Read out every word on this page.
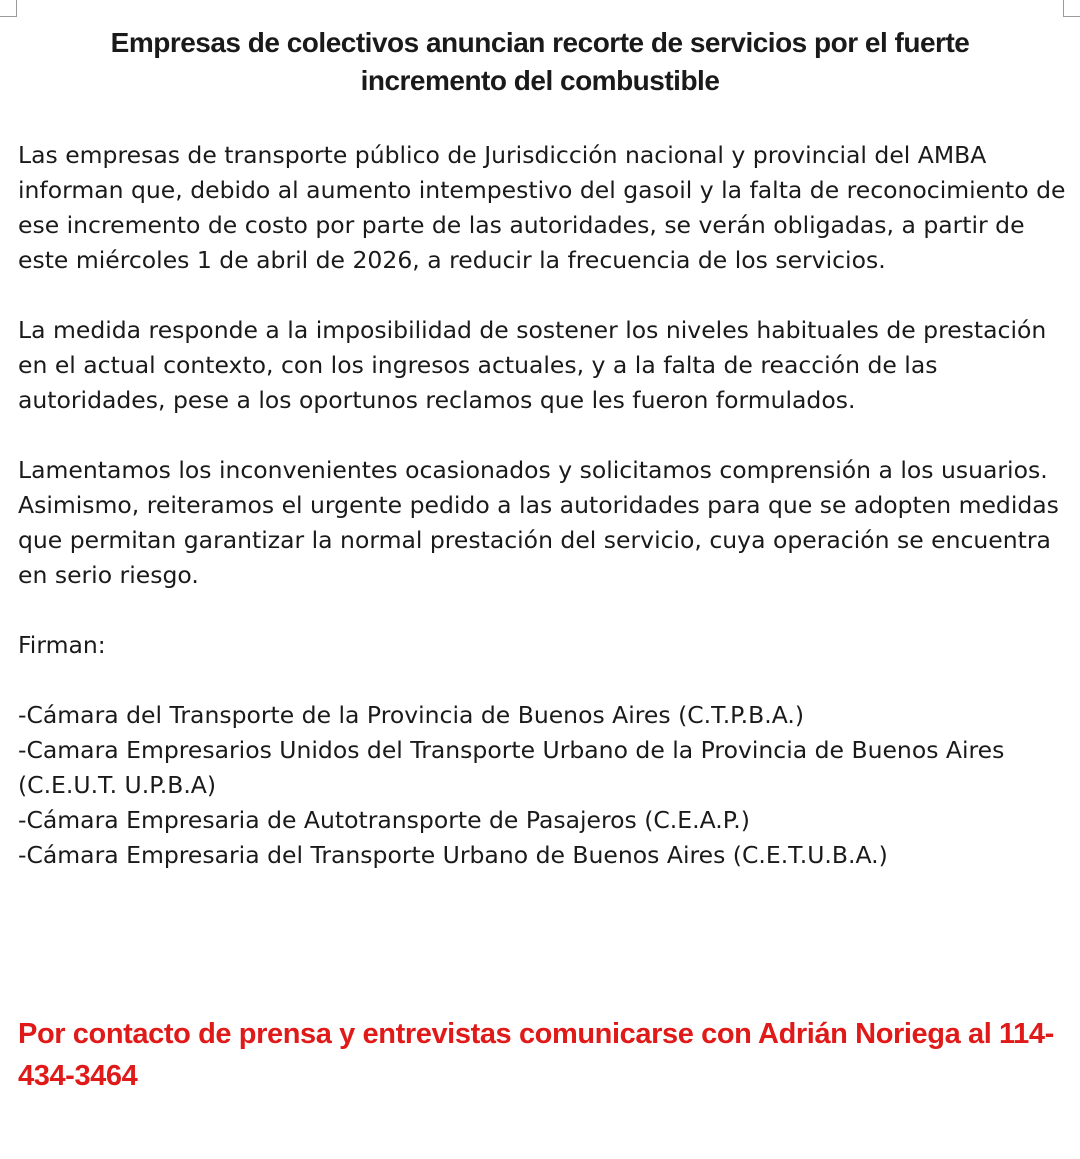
Empresas de colectivos anuncian recorte de servicios por el fuerte
incremento del combustible

Las empresas de transporte público de Jurisdicción nacional y provincial del AMBA informan que, debido al aumento intempestivo del gasoil y la falta de reconocimiento de ese incremento de costo por parte de las autoridades, se verán obligadas, a partir de este miércoles 1 de abril de 2026, a reducir la frecuencia de los servicios.

La medida responde a la imposibilidad de sostener los niveles habituales de prestación en el actual contexto, con los ingresos actuales, y a la falta de reacción de las autoridades, pese a los oportunos reclamos que les fueron formulados.

Lamentamos los inconvenientes ocasionados y solicitamos comprensión a los usuarios. Asimismo, reiteramos el urgente pedido a las autoridades para que se adopten medidas que permitan garantizar la normal prestación del servicio, cuya operación se encuentra en serio riesgo.

Firman:

-Cámara del Transporte de la Provincia de Buenos Aires (C.T.P.B.A.)
-Camara Empresarios Unidos del Transporte Urbano de la Provincia de Buenos Aires (C.E.U.T. U.P.B.A)
-Cámara Empresaria de Autotransporte de Pasajeros (C.E.A.P.)
-Cámara Empresaria del Transporte Urbano de Buenos Aires (C.E.T.U.B.A.)

Por contacto de prensa y entrevistas comunicarse con Adrián Noriega al 114-434-3464
